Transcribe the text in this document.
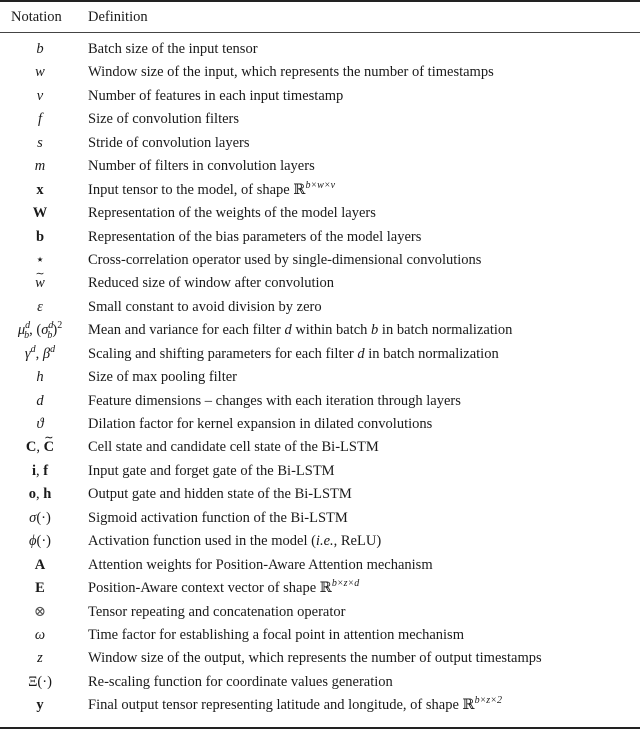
Notation Definition
b	Batch size of the input tensor
w	Window size of the input, which represents the number of timestamps
v	Number of features in each input timestamp
f	Size of convolution filters
s	Stride of convolution layers
m	Number of filters in convolution layers
x	Input tensor to the model, of shape ℝ$^{b\times w\times v}$
W	Representation of the weights of the model layers
b	Representation of the bias parameters of the model layers
⋆	Cross-correlation operator used by single-dimensional convolutions
∼ w	Reduced size of window after convolution
ε	Small constant to avoid division by zero
$\mu^d_b$, $(\sigma^d_b)^2$	Mean and variance for each filter d within batch b in batch normalization
$\gamma^d$, $\beta^d$	Scaling and shifting parameters for each filter d in batch normalization
h	Size of max pooling filter
d	Feature dimensions – changes with each iteration through layers
ϑ	Dilation factor for kernel expansion in dilated convolutions
C, ∼ C	Cell state and candidate cell state of the Bi-LSTM
i, f	Input gate and forget gate of the Bi-LSTM
o, h	Output gate and hidden state of the Bi-LSTM
σ(·)	Sigmoid activation function of the Bi-LSTM
ϕ(·)	Activation function used in the model (i.e., ReLU)
A	Attention weights for Position-Aware Attention mechanism
E	Position-Aware context vector of shape ℝ$^{b\times z\times d}$
⊗	Tensor repeating and concatenation operator
ω	Time factor for establishing a focal point in attention mechanism
z	Window size of the output, which represents the number of output timestamps
Ξ(·)	Re-scaling function for coordinate values generation
y	Final output tensor representing latitude and longitude, of shape ℝ$^{b\times z\times 2}$
